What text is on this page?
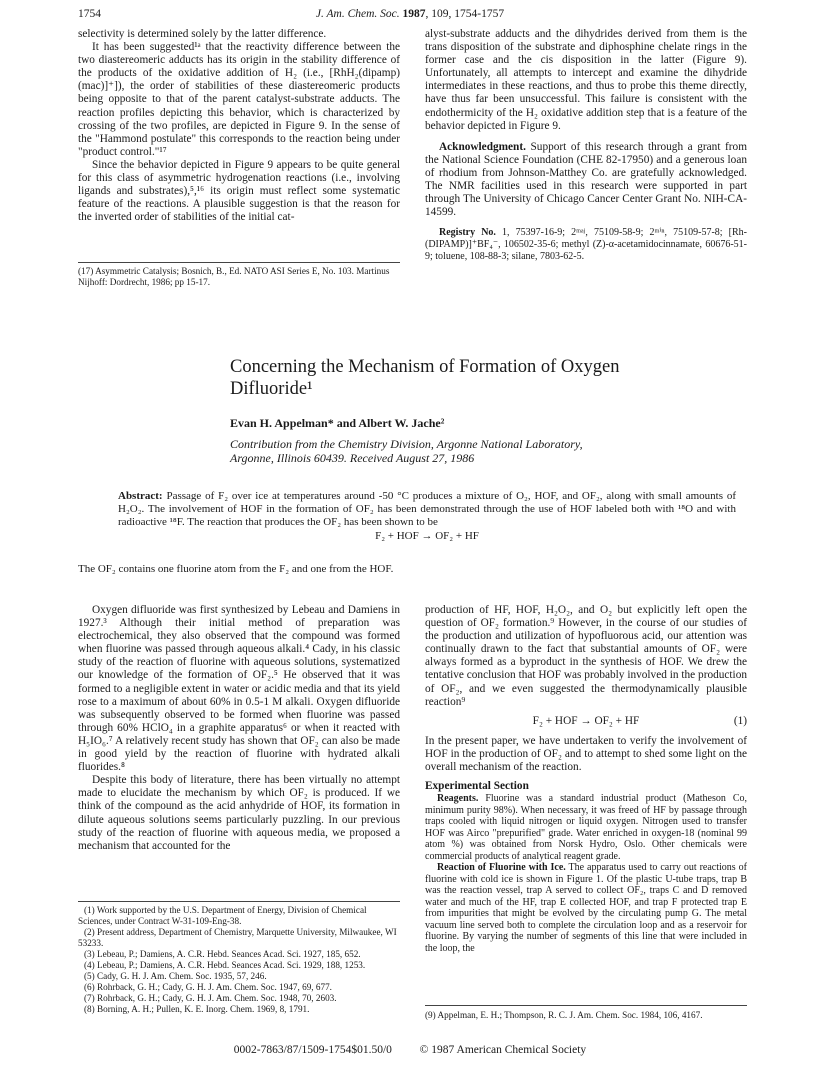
1754	J. Am. Chem. Soc. 1987, 109, 1754-1757

selectivity is determined solely by the latter difference.

It has been suggested¹ᵃ that the reactivity difference between the two diastereomeric adducts has its origin in the stability difference of the products of the oxidative addition of H₂ (i.e., [RhH₂(dipamp)(mac)]⁺]), the order of stabilities of these diastereomeric products being opposite to that of the parent catalyst-substrate adducts. The reaction profiles depicting this behavior, which is characterized by crossing of the two profiles, are depicted in Figure 9. In the sense of the "Hammond postulate" this corresponds to the reaction being under "product control."¹⁷

Since the behavior depicted in Figure 9 appears to be quite general for this class of asymmetric hydrogenation reactions (i.e., involving ligands and substrates),⁵,¹⁶ its origin must reflect some systematic feature of the reactions. A plausible suggestion is that the reason for the inverted order of stabilities of the initial cat-

(17) Asymmetric Catalysis; Bosnich, B., Ed. NATO ASI Series E, No. 103. Martinus Nijhoff: Dordrecht, 1986; pp 15-17.

alyst-substrate adducts and the dihydrides derived from them is the trans disposition of the substrate and diphosphine chelate rings in the former case and the cis disposition in the latter (Figure 9). Unfortunately, all attempts to intercept and examine the dihydride intermediates in these reactions, and thus to probe this theme directly, have thus far been unsuccessful. This failure is consistent with the endothermicity of the H₂ oxidative addition step that is a feature of the behavior depicted in Figure 9.

Acknowledgment. Support of this research through a grant from the National Science Foundation (CHE 82-17950) and a generous loan of rhodium from Johnson-Matthey Co. are gratefully acknowledged. The NMR facilities used in this research were supported in part through The University of Chicago Cancer Center Grant No. NIH-CA-14599.

Registry No. 1, 75397-16-9; 2ᵐᵃʲ, 75109-58-9; 2ᵐⁱⁿ, 75109-57-8; [Rh-(DIPAMP)]⁺BF₄⁻, 106502-35-6; methyl (Z)-α-acetamidocinnamate, 60676-51-9; toluene, 108-88-3; silane, 7803-62-5.

Concerning the Mechanism of Formation of Oxygen
Difluoride¹
Evan H. Appelman* and Albert W. Jache²
Contribution from the Chemistry Division, Argonne National Laboratory,
Argonne, Illinois 60439. Received August 27, 1986
Abstract: Passage of F₂ over ice at temperatures around -50 °C produces a mixture of O₂, HOF, and OF₂, along with small amounts of H₂O₂. The involvement of HOF in the formation of OF₂ has been demonstrated through the use of HOF labeled both with ¹⁸O and with radioactive ¹⁸F. The reaction that produces the OF₂ has been shown to be
F₂ + HOF → OF₂ + HF
The OF₂ contains one fluorine atom from the F₂ and one from the HOF.

Oxygen difluoride was first synthesized by Lebeau and Damiens in 1927.³ Although their initial method of preparation was electrochemical, they also observed that the compound was formed when fluorine was passed through aqueous alkali.⁴ Cady, in his classic study of the reaction of fluorine with aqueous solutions, systematized our knowledge of the formation of OF₂.⁵ He observed that it was formed to a negligible extent in water or acidic media and that its yield rose to a maximum of about 60% in 0.5-1 M alkali. Oxygen difluoride was subsequently observed to be formed when fluorine was passed through 60% HClO₄ in a graphite apparatus⁶ or when it reacted with H₅IO₆.⁷ A relatively recent study has shown that OF₂ can also be made in good yield by the reaction of fluorine with hydrated alkali fluorides.⁸

Despite this body of literature, there has been virtually no attempt made to elucidate the mechanism by which OF₂ is produced. If we think of the compound as the acid anhydride of HOF, its formation in dilute aqueous solutions seems particularly puzzling. In our previous study of the reaction of fluorine with aqueous media, we proposed a mechanism that accounted for the

(1) Work supported by the U.S. Department of Energy, Division of Chemical Sciences, under Contract W-31-109-Eng-38.
(2) Present address, Department of Chemistry, Marquette University, Milwaukee, WI 53233.
(3) Lebeau, P.; Damiens, A. C.R. Hebd. Seances Acad. Sci. 1927, 185, 652.
(4) Lebeau, P.; Damiens, A. C.R. Hebd. Seances Acad. Sci. 1929, 188, 1253.
(5) Cady, G. H. J. Am. Chem. Soc. 1935, 57, 246.
(6) Rohrback, G. H.; Cady, G. H. J. Am. Chem. Soc. 1947, 69, 677.
(7) Rohrback, G. H.; Cady, G. H. J. Am. Chem. Soc. 1948, 70, 2603.
(8) Borning, A. H.; Pullen, K. E. Inorg. Chem. 1969, 8, 1791.

production of HF, HOF, H₂O₂, and O₂ but explicitly left open the question of OF₂ formation.⁹ However, in the course of our studies of the production and utilization of hypofluorous acid, our attention was continually drawn to the fact that substantial amounts of OF₂ were always formed as a byproduct in the synthesis of HOF. We drew the tentative conclusion that HOF was probably involved in the production of OF₂, and we even suggested the thermodynamically plausible reaction⁹

F₂ + HOF → OF₂ + HF	(1)

In the present paper, we have undertaken to verify the involvement of HOF in the production of OF₂ and to attempt to shed some light on the overall mechanism of the reaction.

Experimental Section

Reagents. Fluorine was a standard industrial product (Matheson Co, minimum purity 98%). When necessary, it was freed of HF by passage through traps cooled with liquid nitrogen or liquid oxygen. Nitrogen used to transfer HOF was Airco "prepurified" grade. Water enriched in oxygen-18 (nominal 99 atom %) was obtained from Norsk Hydro, Oslo. Other chemicals were commercial products of analytical reagent grade.

Reaction of Fluorine with Ice. The apparatus used to carry out reactions of fluorine with cold ice is shown in Figure 1. Of the plastic U-tube traps, trap B was the reaction vessel, trap A served to collect OF₂, traps C and D removed water and much of the HF, trap E collected HOF, and trap F protected trap E from impurities that might be evolved by the circulating pump G. The metal vacuum line served both to complete the circulation loop and as a reservoir for fluorine. By varying the number of segments of this line that were included in the loop, the

(9) Appelman, E. H.; Thompson, R. C. J. Am. Chem. Soc. 1984, 106, 4167.
0002-7863/87/1509-1754$01.50/0 © 1987 American Chemical Society
